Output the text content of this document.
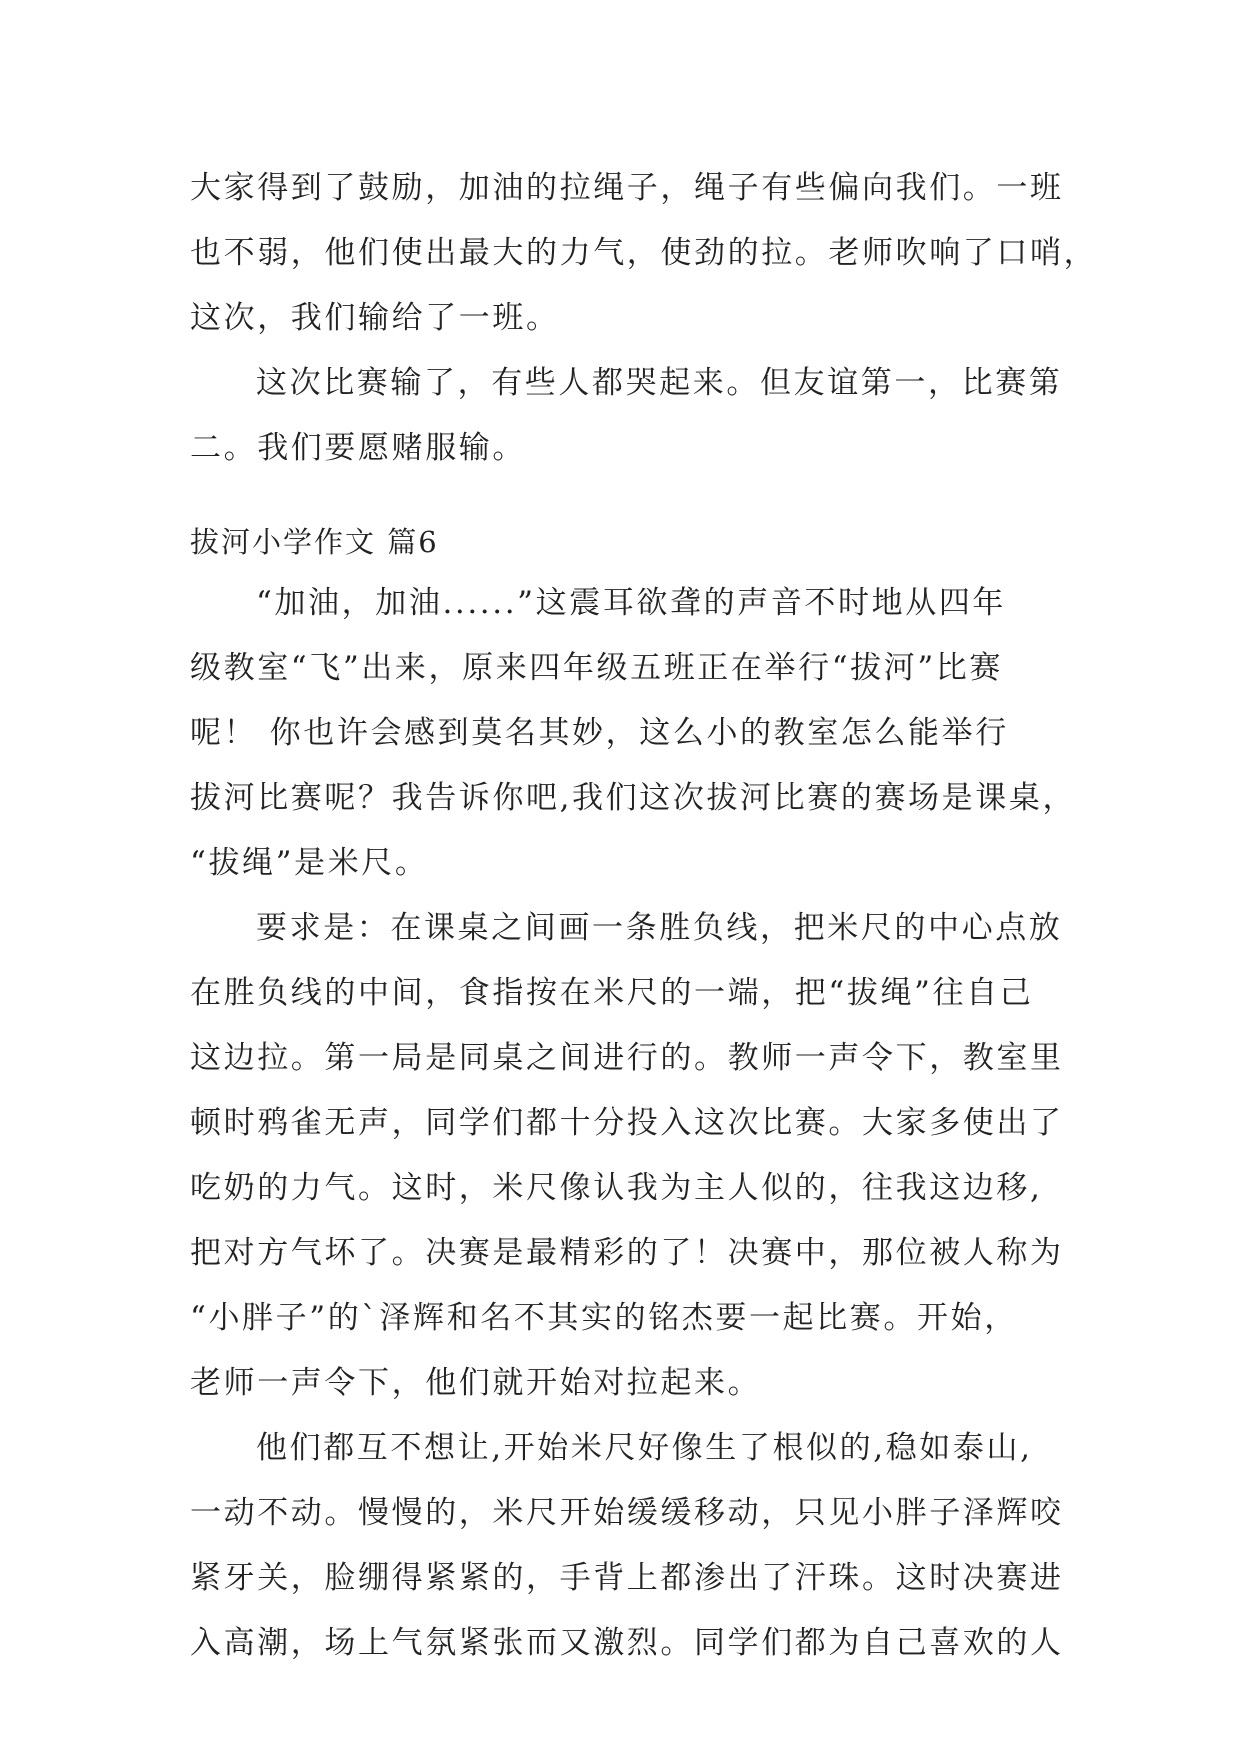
大家得到了鼓励，加油的拉绳子，绳子有些偏向我们。一班
也不弱，他们使出最大的力气，使劲的拉。老师吹响了口哨，
这次，我们输给了一班。
这次比赛输了，有些人都哭起来。但友谊第一，比赛第
二。我们要愿赌服输。
拔河小学作文 篇6
“加油，加油......”这震耳欲聋的声音不时地从四年
级教室“飞”出来，原来四年级五班正在举行“拔河”比赛
呢！ 你也许会感到莫名其妙，这么小的教室怎么能举行
拔河比赛呢？我告诉你吧,我们这次拔河比赛的赛场是课桌，
“拔绳”是米尺。
要求是：在课桌之间画一条胜负线，把米尺的中心点放
在胜负线的中间，食指按在米尺的一端，把“拔绳”往自己
这边拉。第一局是同桌之间进行的。教师一声令下，教室里
顿时鸦雀无声，同学们都十分投入这次比赛。大家多使出了
吃奶的力气。这时，米尺像认我为主人似的，往我这边移,
把对方气坏了。决赛是最精彩的了！决赛中，那位被人称为
“小胖子”的`泽辉和名不其实的铭杰要一起比赛。开始，
老师一声令下，他们就开始对拉起来。
他们都互不想让,开始米尺好像生了根似的,稳如泰山,
一动不动。慢慢的，米尺开始缓缓移动，只见小胖子泽辉咬
紧牙关，脸绷得紧紧的，手背上都渗出了汗珠。这时决赛进
入高潮，场上气氛紧张而又激烈。同学们都为自己喜欢的人
